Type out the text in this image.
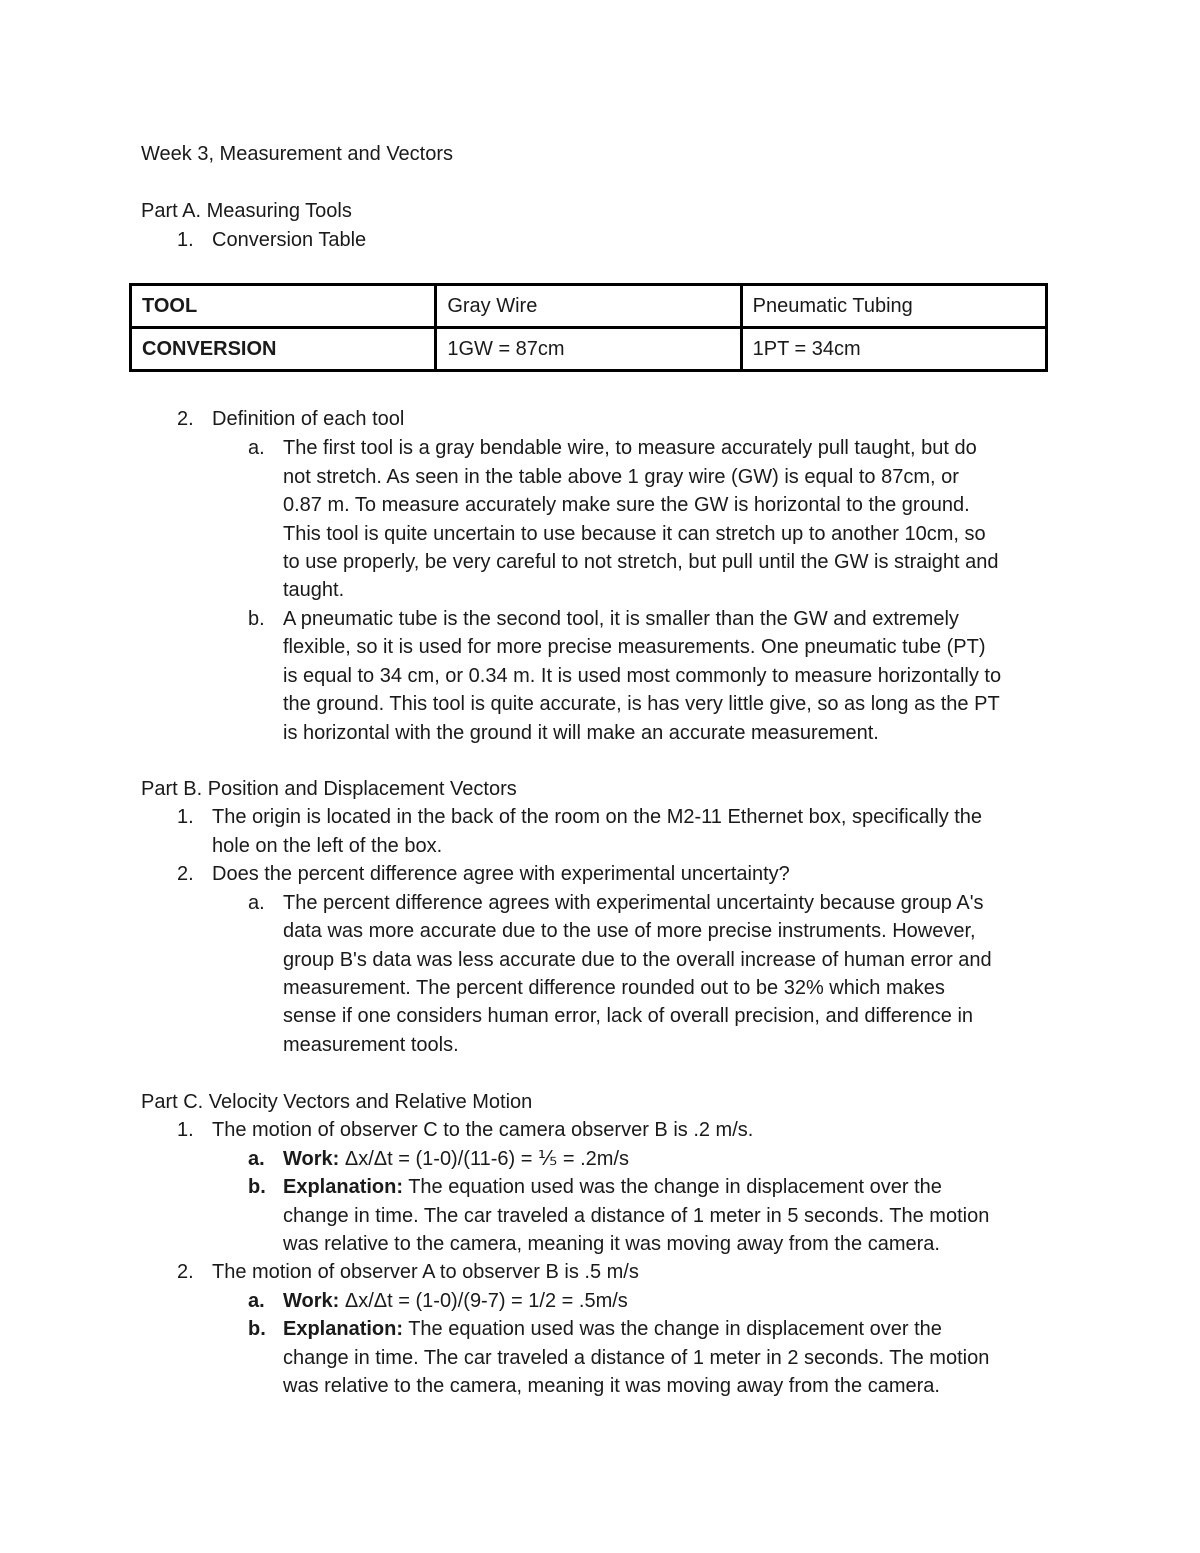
Week 3, Measurement and Vectors
Part A. Measuring Tools
1. Conversion Table
TOOL	Gray Wire	Pneumatic Tubing
CONVERSION	1GW = 87cm	1PT = 34cm
2. Definition of each tool
a. The first tool is a gray bendable wire, to measure accurately pull taught, but do
not stretch. As seen in the table above 1 gray wire (GW) is equal to 87cm, or
0.87 m. To measure accurately make sure the GW is horizontal to the ground.
This tool is quite uncertain to use because it can stretch up to another 10cm, so
to use properly, be very careful to not stretch, but pull until the GW is straight and
taught.
b. A pneumatic tube is the second tool, it is smaller than the GW and extremely
flexible, so it is used for more precise measurements. One pneumatic tube (PT)
is equal to 34 cm, or 0.34 m. It is used most commonly to measure horizontally to
the ground. This tool is quite accurate, is has very little give, so as long as the PT
is horizontal with the ground it will make an accurate measurement.
Part B. Position and Displacement Vectors
1. The origin is located in the back of the room on the M2-11 Ethernet box, specifically the
hole on the left of the box.
2. Does the percent difference agree with experimental uncertainty?
a. The percent difference agrees with experimental uncertainty because group A's
data was more accurate due to the use of more precise instruments. However,
group B's data was less accurate due to the overall increase of human error and
measurement. The percent difference rounded out to be 32% which makes
sense if one considers human error, lack of overall precision, and difference in
measurement tools.
Part C. Velocity Vectors and Relative Motion
1. The motion of observer C to the camera observer B is .2 m/s.
a. Work: Δx/Δt = (1-0)/(11-6) = ⅕ = .2m/s
b. Explanation: The equation used was the change in displacement over the
change in time. The car traveled a distance of 1 meter in 5 seconds. The motion
was relative to the camera, meaning it was moving away from the camera.
2. The motion of observer A to observer B is .5 m/s
a. Work: Δx/Δt = (1-0)/(9-7) = 1/2 = .5m/s
b. Explanation: The equation used was the change in displacement over the
change in time. The car traveled a distance of 1 meter in 2 seconds. The motion
was relative to the camera, meaning it was moving away from the camera.
